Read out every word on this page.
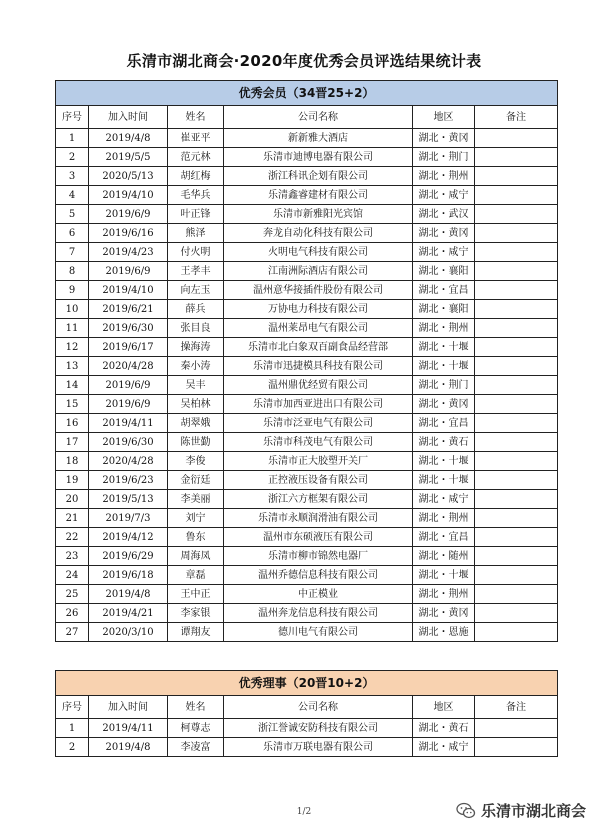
乐清市湖北商会·2020年度优秀会员评选结果统计表
优秀会员（34晋25+2）					
序号	加入时间	姓名	公司名称	地区	备注
1	2019/4/8	崔亚平	新新雅大酒店	湖北・黄冈	
2	2019/5/5	范元林	乐清市迪博电器有限公司	湖北・荆门	
3	2020/5/13	胡红梅	浙江科讯企划有限公司	湖北・荆州	
4	2019/4/10	毛华兵	乐清鑫睿建材有限公司	湖北・咸宁	
5	2019/6/9	叶正锋	乐清市新雅阳光宾馆	湖北・武汉	
6	2019/6/16	熊泽	奔龙自动化科技有限公司	湖北・黄冈	
7	2019/4/23	付火明	火明电气科技有限公司	湖北・咸宁	
8	2019/6/9	王孝丰	江南洲际酒店有限公司	湖北・襄阳	
9	2019/4/10	向左玉	温州意华接插件股份有限公司	湖北・宜昌	
10	2019/6/21	薛兵	万协电力科技有限公司	湖北・襄阳	
11	2019/6/30	张目良	温州莱昂电气有限公司	湖北・荆州	
12	2019/6/17	操海涛	乐清市北白象双百副食品经营部	湖北・十堰	
13	2020/4/28	秦小涛	乐清市迅捷模具科技有限公司	湖北・十堰	
14	2019/6/9	吴丰	温州鼎优经贸有限公司	湖北・荆门	
15	2019/6/9	吴柏林	乐清市加西亚进出口有限公司	湖北・黄冈	
16	2019/4/11	胡翠娥	乐清市泛亚电气有限公司	湖北・宜昌	
17	2019/6/30	陈世勤	乐清市科茂电气有限公司	湖北・黄石	
18	2020/4/28	李俊	乐清市正大胶塑开关厂	湖北・十堰	
19	2019/6/23	金衍廷	正控液压设备有限公司	湖北・十堰	
20	2019/5/13	李美丽	浙江六方框架有限公司	湖北・咸宁	
21	2019/7/3	刘宁	乐清市永顺润滑油有限公司	湖北・荆州	
22	2019/4/12	鲁东	温州市东硕液压有限公司	湖北・宜昌	
23	2019/6/29	周海凤	乐清市柳市锦然电器厂	湖北・随州	
24	2019/6/18	章磊	温州乔德信息科技有限公司	湖北・十堰	
25	2019/4/8	王中正	中正模业	湖北・荆州	
26	2019/4/21	李家银	温州奔龙信息科技有限公司	湖北・黄冈	
27	2020/3/10	谭翔友	德川电气有限公司	湖北・恩施	
优秀理事（20晋10+2）					
序号	加入时间	姓名	公司名称	地区	备注
1	2019/4/11	柯尊志	浙江誉诚安防科技有限公司	湖北・黄石	
2	2019/4/8	李凌富	乐清市万联电器有限公司	湖北・咸宁	
1/2	乐清市湖北商会
